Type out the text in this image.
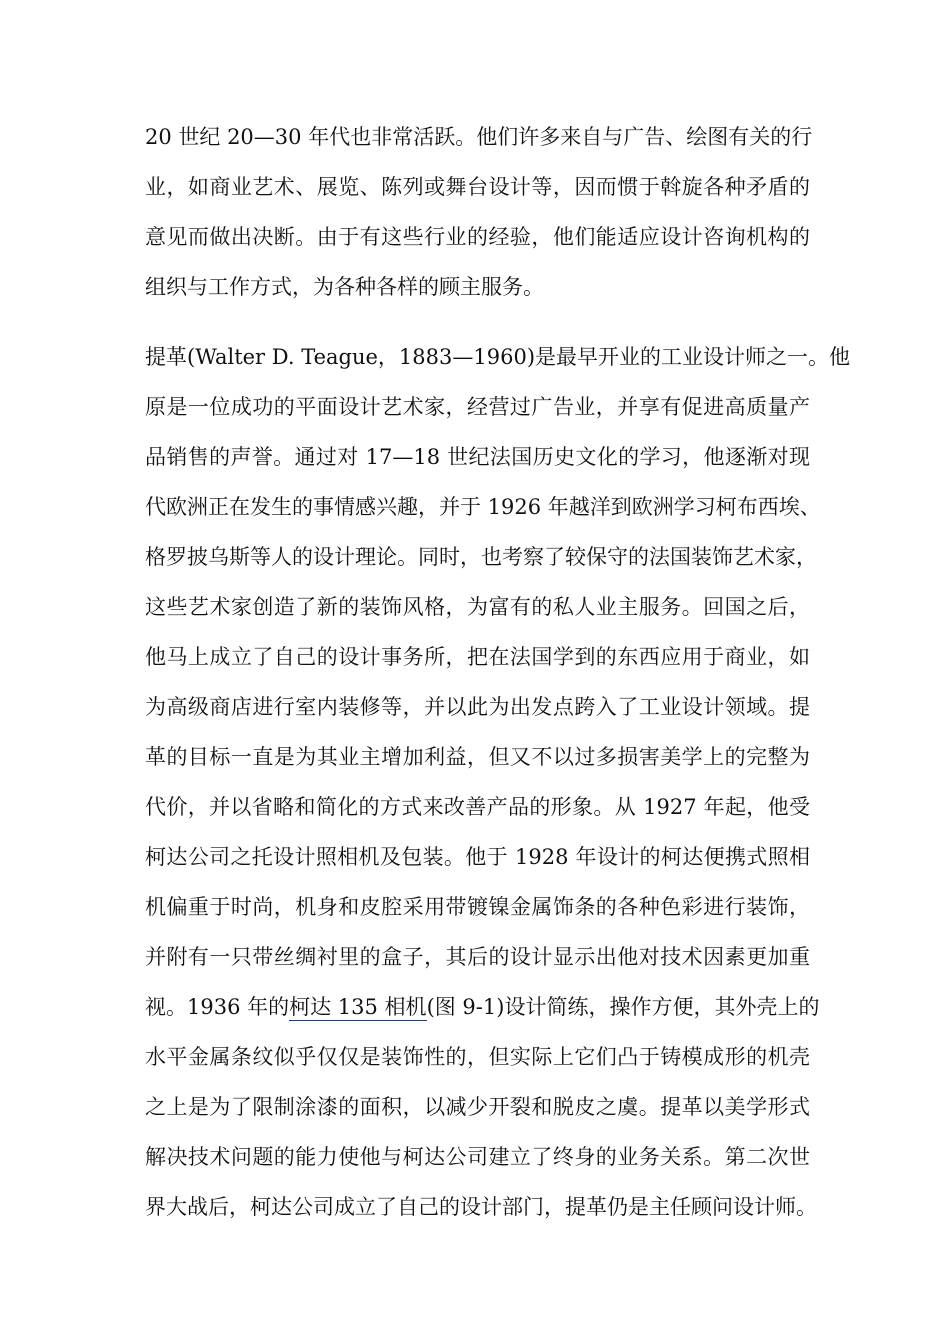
20 世纪 20—30 年代也非常活跃。他们许多来自与广告、绘图有关的行
业，如商业艺术、展览、陈列或舞台设计等，因而惯于斡旋各种矛盾的
意见而做出决断。由于有这些行业的经验，他们能适应设计咨询机构的
组织与工作方式，为各种各样的顾主服务。
提革(Walter D. Teague，1883—1960)是最早开业的工业设计师之一。他
原是一位成功的平面设计艺术家，经营过广告业，并享有促进高质量产
品销售的声誉。通过对 17—18 世纪法国历史文化的学习，他逐渐对现
代欧洲正在发生的事情感兴趣，并于 1926 年越洋到欧洲学习柯布西埃、
格罗披乌斯等人的设计理论。同时，也考察了较保守的法国装饰艺术家，
这些艺术家创造了新的装饰风格，为富有的私人业主服务。回国之后，
他马上成立了自己的设计事务所，把在法国学到的东西应用于商业，如
为高级商店进行室内装修等，并以此为出发点跨入了工业设计领域。提
革的目标一直是为其业主增加利益，但又不以过多损害美学上的完整为
代价，并以省略和简化的方式来改善产品的形象。从 1927 年起，他受
柯达公司之托设计照相机及包装。他于 1928 年设计的柯达便携式照相
机偏重于时尚，机身和皮腔采用带镀镍金属饰条的各种色彩进行装饰，
并附有一只带丝绸衬里的盒子，其后的设计显示出他对技术因素更加重
视。1936 年的柯达 135 相机(图 9-1)设计简练，操作方便，其外壳上的
水平金属条纹似乎仅仅是装饰性的，但实际上它们凸于铸模成形的机壳
之上是为了限制涂漆的面积，以减少开裂和脱皮之虞。提革以美学形式
解决技术问题的能力使他与柯达公司建立了终身的业务关系。第二次世
界大战后，柯达公司成立了自己的设计部门，提革仍是主任顾问设计师。
